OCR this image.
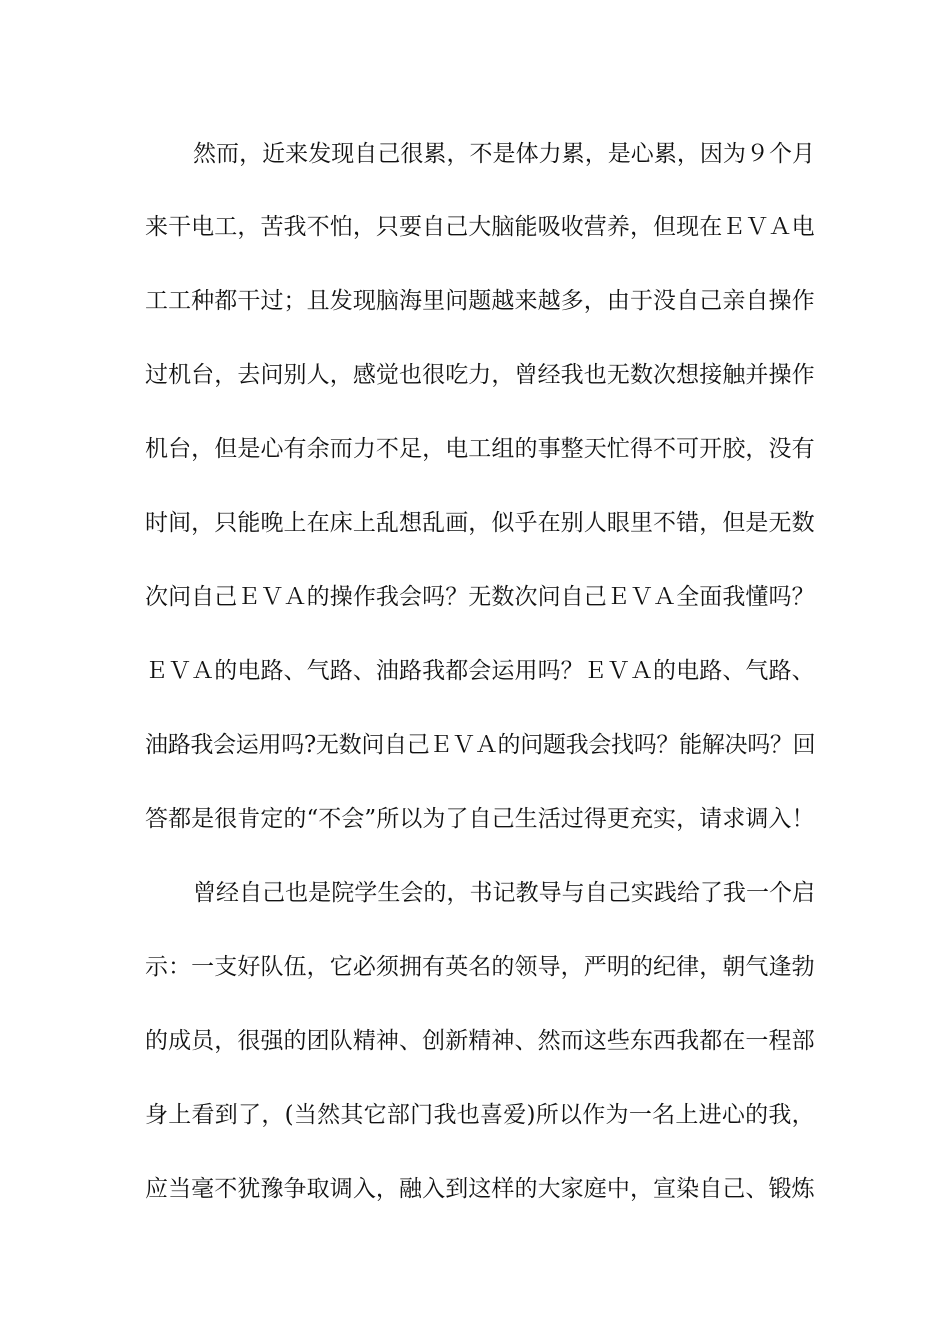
然而，近来发现自己很累，不是体力累，是心累，因为９个月
来干电工，苦我不怕，只要自己大脑能吸收营养，但现在ＥＶＡ电
工工种都干过；且发现脑海里问题越来越多，由于没自己亲自操作
过机台，去问别人，感觉也很吃力，曾经我也无数次想接触并操作
机台，但是心有余而力不足，电工组的事整天忙得不可开胶，没有
时间，只能晚上在床上乱想乱画，似乎在别人眼里不错，但是无数
次问自己ＥＶＡ的操作我会吗？无数次问自己ＥＶＡ全面我懂吗？
ＥＶＡ的电路、气路、油路我都会运用吗？ＥＶＡ的电路、气路、
油路我会运用吗?无数问自己ＥＶＡ的问题我会找吗？能解决吗？回
答都是很肯定的“不会”所以为了自己生活过得更充实，请求调入！
曾经自己也是院学生会的，书记教导与自己实践给了我一个启
示：一支好队伍，它必须拥有英名的领导，严明的纪律，朝气逢勃
的成员，很强的团队精神、创新精神、然而这些东西我都在一程部
身上看到了，(当然其它部门我也喜爱)所以作为一名上进心的我，
应当毫不犹豫争取调入，融入到这样的大家庭中，宣染自己、锻炼
